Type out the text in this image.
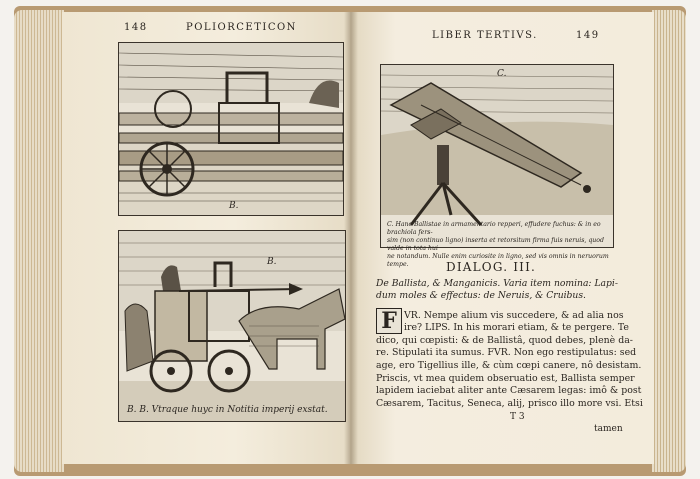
148	POLIORCETICON
B.
B.
B. B. Vtraque huyc in Notitia imperij exstat.
LIBER TERTIVS.	149
C.
C. Hanc Ballistae in armamentario repperi, effudere fuchus: & in eo brachiola fers-
sim (non continuo ligno) inserta et retorsitum firma fuis neruis, quod valde in tota hui
ne notandum. Nulle enim curiosite in ligno, sed vis omnis in neruorum tempe.	DIALOG. III.
De Ballista, & Manganicis. Varia item nomina: Lapi-
dum moles & effectus: de Neruis, & Cruibus.
F VR. Nempe alium vis succedere, & ad alia nos
ire? LIPS. In his morari etiam, & te pergere. Te
dico, qui cœpisti: & de Ballistâ, quod debes, plenè da-
re. Stipulati ita sumus. FVR. Non ego restipulatus: sed
age, ero Tigellius ille, & cùm cœpi canere, nô desistam.
Priscis, vt mea quidem obseruatio est, Ballista semper
lapidem iaciebat aliter ante Cæsarem legas: imô & post
Cæsarem, Tacitus, Seneca, alij, prisco illo more vsi. Etsi
T 3
tamen
